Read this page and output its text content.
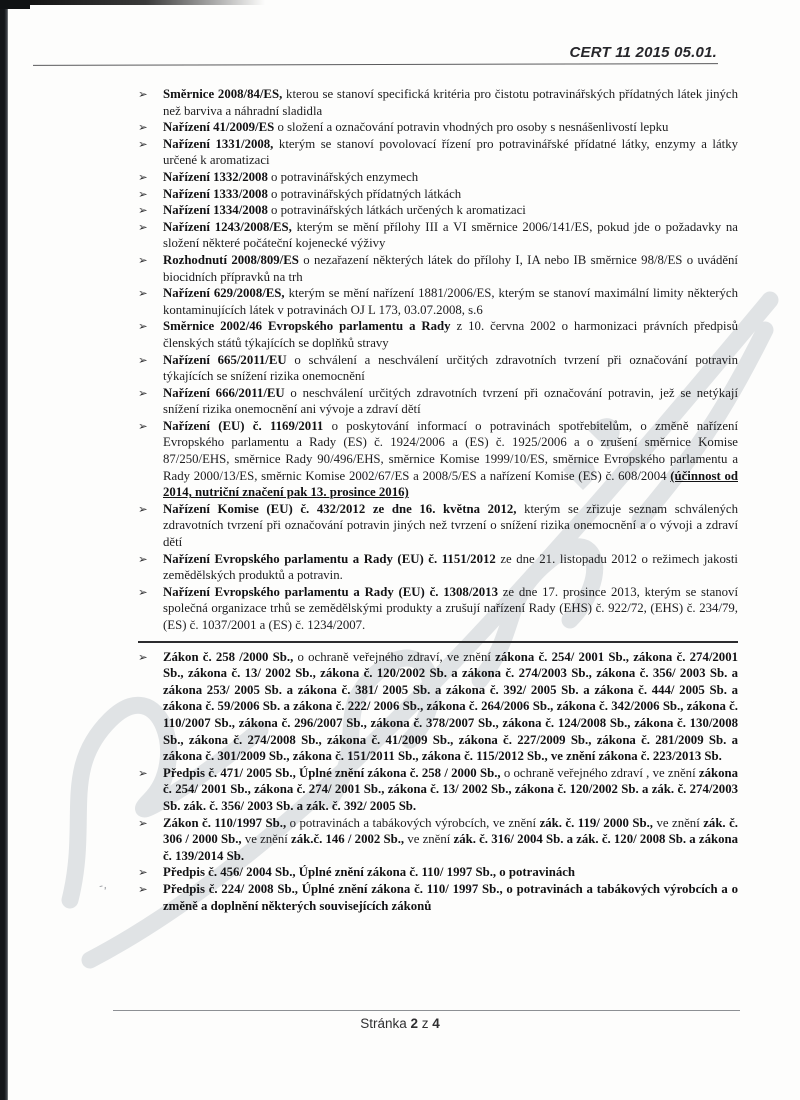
-,
CERT 11 2015 05.01.
➢ Směrnice 2008/84/ES, kterou se stanoví specifická kritéria pro čistotu potravinářských přídatných látek jiných než barviva a náhradní sladidla
➢ Nařízení 41/2009/ES o složení a označování potravin vhodných pro osoby s nesnášenlivostí lepku
➢ Nařízení 1331/2008, kterým se stanoví povolovací řízení pro potravinářské přídatné látky, enzymy a látky určené k aromatizaci
➢ Nařízení 1332/2008 o potravinářských enzymech
➢ Nařízení 1333/2008 o potravinářských přídatných látkách
➢ Nařízení 1334/2008 o potravinářských látkách určených k aromatizaci
➢ Nařízení 1243/2008/ES, kterým se mění přílohy III a VI směrnice 2006/141/ES, pokud jde o požadavky na složení některé počáteční kojenecké výživy
➢ Rozhodnutí 2008/809/ES o nezařazení některých látek do přílohy I, IA nebo IB směrnice 98/8/ES o uvádění biocidních přípravků na trh
➢ Nařízení 629/2008/ES, kterým se mění nařízení 1881/2006/ES, kterým se stanoví maximální limity některých kontaminujících látek v potravinách OJ L 173, 03.07.2008, s.6
➢ Směrnice 2002/46 Evropského parlamentu a Rady z 10. června 2002 o harmonizaci právních předpisů členských států týkajících se doplňků stravy
➢ Nařízení 665/2011/EU o schválení a neschválení určitých zdravotních tvrzení při označování potravin týkajících se snížení rizika onemocnění
➢ Nařízení 666/2011/EU o neschválení určitých zdravotních tvrzení při označování potravin, jež se netýkají snížení rizika onemocnění ani vývoje a zdraví dětí
➢ Nařízení (EU) č. 1169/2011 o poskytování informací o potravinách spotřebitelům, o změně nařízení Evropského parlamentu a Rady (ES) č. 1924/2006 a (ES) č. 1925/2006 a o zrušení směrnice Komise 87/250/EHS, směrnice Rady 90/496/EHS, směrnice Komise 1999/10/ES, směrnice Evropského parlamentu a Rady 2000/13/ES, směrnic Komise 2002/67/ES a 2008/5/ES a nařízení Komise (ES) č. 608/2004 (účinnost od 2014, nutriční značení pak 13. prosince 2016)
➢ Nařízení Komise (EU) č. 432/2012 ze dne 16. května 2012, kterým se zřizuje seznam schválených zdravotních tvrzení při označování potravin jiných než tvrzení o snížení rizika onemocnění a o vývoji a zdraví dětí
➢ Nařízení Evropského parlamentu a Rady (EU) č. 1151/2012 ze dne 21. listopadu 2012 o režimech jakosti zemědělských produktů a potravin.
➢ Nařízení Evropského parlamentu a Rady (EU) č. 1308/2013 ze dne 17. prosince 2013, kterým se stanoví společná organizace trhů se zemědělskými produkty a zrušují nařízení Rady (EHS) č. 922/72, (EHS) č. 234/79, (ES) č. 1037/2001 a (ES) č. 1234/2007.
➢ Zákon č. 258 /2000 Sb., o ochraně veřejného zdraví, ve znění zákona č. 254/ 2001 Sb., zákona č. 274/2001 Sb., zákona č. 13/ 2002 Sb., zákona č. 120/2002 Sb. a zákona č. 274/2003 Sb., zákona č. 356/ 2003 Sb. a zákona 253/ 2005 Sb. a zákona č. 381/ 2005 Sb. a zákona č. 392/ 2005 Sb. a zákona č. 444/ 2005 Sb. a zákona č. 59/2006 Sb. a zákona č. 222/ 2006 Sb., zákona č. 264/2006 Sb., zákona č. 342/2006 Sb., zákona č. 110/2007 Sb., zákona č. 296/2007 Sb., zákona č. 378/2007 Sb., zákona č. 124/2008 Sb., zákona č. 130/2008 Sb., zákona č. 274/2008 Sb., zákona č. 41/2009 Sb., zákona č. 227/2009 Sb., zákona č. 281/2009 Sb. a zákona č. 301/2009 Sb., zákona č. 151/2011 Sb., zákona č. 115/2012 Sb., ve znění zákona č. 223/2013 Sb.
➢ Předpis č. 471/ 2005 Sb., Úplné znění zákona č. 258 / 2000 Sb., o ochraně veřejného zdraví , ve znění zákona č. 254/ 2001 Sb., zákona č. 274/ 2001 Sb., zákona č. 13/ 2002 Sb., zákona č. 120/2002 Sb. a zák. č. 274/2003 Sb. zák. č. 356/ 2003 Sb. a zák. č. 392/ 2005 Sb.
➢ Zákon č. 110/1997 Sb., o potravinách a tabákových výrobcích, ve znění zák. č. 119/ 2000 Sb., ve znění zák. č. 306 / 2000 Sb., ve znění zák.č. 146 / 2002 Sb., ve znění zák. č. 316/ 2004 Sb. a zák. č. 120/ 2008 Sb. a zákona č. 139/2014 Sb.
➢ Předpis č. 456/ 2004 Sb., Úplné znění zákona č. 110/ 1997 Sb., o potravinách
➢ Předpis č. 224/ 2008 Sb., Úplné znění zákona č. 110/ 1997 Sb., o potravinách a tabákových výrobcích a o změně a doplnění některých souvisejících zákonů
Stránka 2 z 4
